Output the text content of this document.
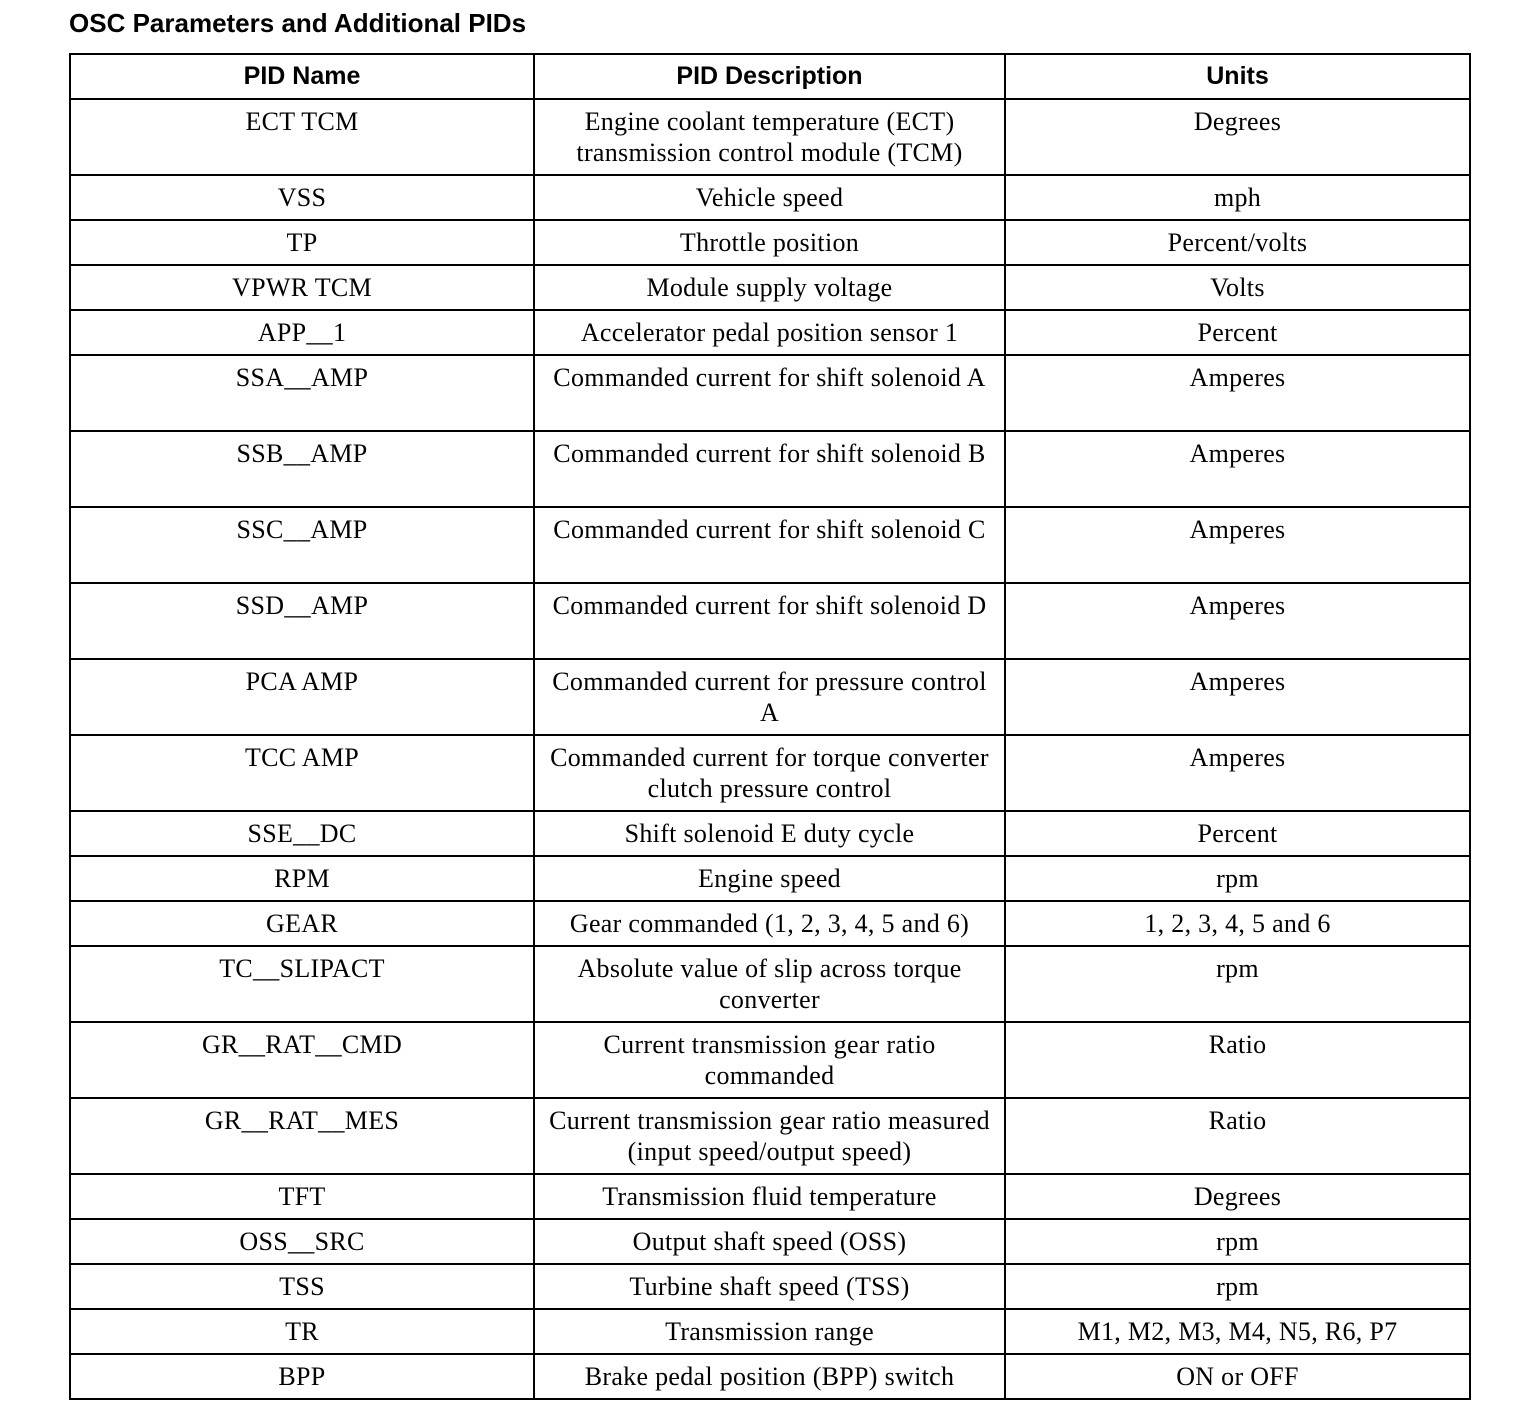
OSC Parameters and Additional PIDs
PID Name	PID Description	Units
ECT TCM	Engine coolant temperature (ECT) transmission control module (TCM)	Degrees
VSS	Vehicle speed	mph
TP	Throttle position	Percent/volts
VPWR TCM	Module supply voltage	Volts
APP__1	Accelerator pedal position sensor 1	Percent
SSA__AMP	Commanded current for shift solenoid A	Amperes
SSB__AMP	Commanded current for shift solenoid B	Amperes
SSC__AMP	Commanded current for shift solenoid C	Amperes
SSD__AMP	Commanded current for shift solenoid D	Amperes
PCA AMP	Commanded current for pressure control A	Amperes
TCC AMP	Commanded current for torque converter clutch pressure control	Amperes
SSE__DC	Shift solenoid E duty cycle	Percent
RPM	Engine speed	rpm
GEAR	Gear commanded (1, 2, 3, 4, 5 and 6)	1, 2, 3, 4, 5 and 6
TC__SLIPACT	Absolute value of slip across torque converter	rpm
GR__RAT__CMD	Current transmission gear ratio commanded	Ratio
GR__RAT__MES	Current transmission gear ratio measured (input speed/output speed)	Ratio
TFT	Transmission fluid temperature	Degrees
OSS__SRC	Output shaft speed (OSS)	rpm
TSS	Turbine shaft speed (TSS)	rpm
TR	Transmission range	M1, M2, M3, M4, N5, R6, P7
BPP	Brake pedal position (BPP) switch	ON or OFF
